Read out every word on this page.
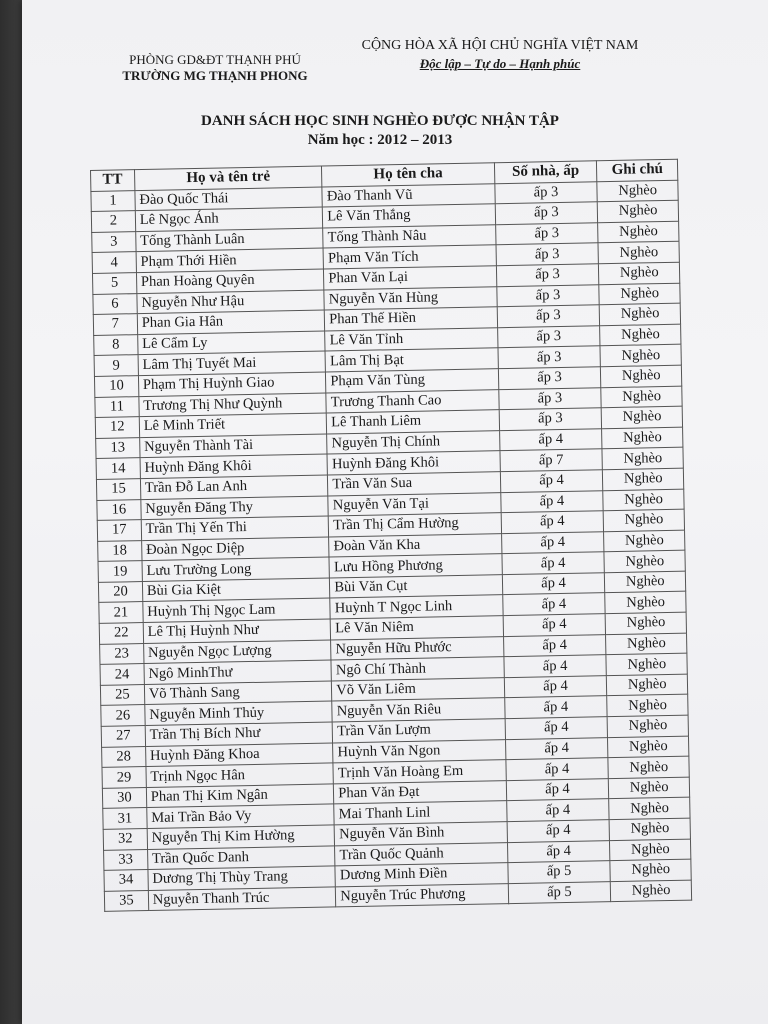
PHÒNG GD&ĐT THẠNH PHÚ
TRƯỜNG MG THẠNH PHONG
CỘNG HÒA XÃ HỘI CHỦ NGHĨA VIỆT NAM
Độc lập – Tự do – Hạnh phúc
DANH SÁCH HỌC SINH NGHÈO ĐƯỢC NHẬN TẬP
Năm học : 2012 – 2013
TT	Họ và tên trẻ	Họ tên cha	Số nhà, ấp	Ghi chú
1	Đào Quốc Thái	Đào Thanh Vũ	ấp 3	Nghèo
2	Lê Ngọc Ánh	Lê Văn Thắng	ấp 3	Nghèo
3	Tống Thành Luân	Tống Thành Nâu	ấp 3	Nghèo
4	Phạm Thới Hiền	Phạm Văn Tích	ấp 3	Nghèo
5	Phan Hoàng Quyên	Phan Văn Lại	ấp 3	Nghèo
6	Nguyễn Như Hậu	Nguyễn Văn Hùng	ấp 3	Nghèo
7	Phan Gia Hân	Phan Thế Hiền	ấp 3	Nghèo
8	Lê Cẩm Ly	Lê Văn Tỉnh	ấp 3	Nghèo
9	Lâm Thị Tuyết Mai	Lâm Thị Bạt	ấp 3	Nghèo
10	Phạm Thị Huỳnh Giao	Phạm Văn Tùng	ấp 3	Nghèo
11	Trương Thị Như Quỳnh	Trương Thanh Cao	ấp 3	Nghèo
12	Lê Minh Triết	Lê Thanh Liêm	ấp 3	Nghèo
13	Nguyễn Thành Tài	Nguyễn Thị Chính	ấp 4	Nghèo
14	Huỳnh Đăng Khôi	Huỳnh Đăng Khôi	ấp 7	Nghèo
15	Trần Đỗ Lan Anh	Trần Văn Sua	ấp 4	Nghèo
16	Nguyễn Đăng Thy	Nguyễn Văn Tại	ấp 4	Nghèo
17	Trần Thị Yến Thi	Trần Thị Cẩm Hường	ấp 4	Nghèo
18	Đoàn Ngọc Diệp	Đoàn Văn Kha	ấp 4	Nghèo
19	Lưu Trường Long	Lưu Hồng Phương	ấp 4	Nghèo
20	Bùi Gia Kiệt	Bùi Văn Cụt	ấp 4	Nghèo
21	Huỳnh Thị Ngọc Lam	Huỳnh T Ngọc Linh	ấp 4	Nghèo
22	Lê Thị Huỳnh Như	Lê Văn Niêm	ấp 4	Nghèo
23	Nguyễn Ngọc Lượng	Nguyễn Hữu Phước	ấp 4	Nghèo
24	Ngô MinhThư	Ngô Chí Thành	ấp 4	Nghèo
25	Võ Thành Sang	Võ Văn Liêm	ấp 4	Nghèo
26	Nguyễn Minh Thủy	Nguyễn Văn Riêu	ấp 4	Nghèo
27	Trần Thị Bích Như	Trần Văn Lượm	ấp 4	Nghèo
28	Huỳnh Đăng Khoa	Huỳnh Văn Ngon	ấp 4	Nghèo
29	Trịnh Ngọc Hân	Trịnh Văn Hoàng Em	ấp 4	Nghèo
30	Phan Thị Kim Ngân	Phan Văn Đạt	ấp 4	Nghèo
31	Mai Trần Bảo Vy	Mai Thanh Linl	ấp 4	Nghèo
32	Nguyễn Thị Kim Hường	Nguyễn Văn Bình	ấp 4	Nghèo
33	Trần Quốc Danh	Trần Quốc Quảnh	ấp 4	Nghèo
34	Dương Thị Thùy Trang	Dương Minh Điền	ấp 5	Nghèo
35	Nguyễn Thanh Trúc	Nguyễn Trúc Phương	ấp 5	Nghèo
